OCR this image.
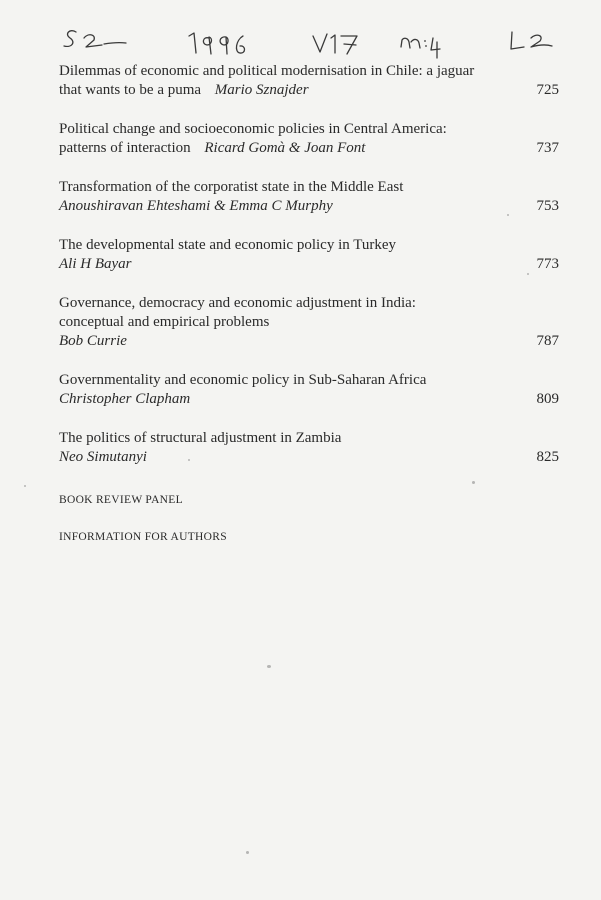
Dilemmas of economic and political modernisation in Chile: a jaguar
that wants to be a puma Mario Sznajder	725
Political change and socioeconomic policies in Central America:
patterns of interaction Ricard Gomà & Joan Font	737
Transformation of the corporatist state in the Middle East
Anoushiravan Ehteshami & Emma C Murphy	753
The developmental state and economic policy in Turkey
Ali H Bayar	773
Governance, democracy and economic adjustment in India:
conceptual and empirical problems
Bob Currie	787
Governmentality and economic policy in Sub-Saharan Africa
Christopher Clapham	809
The politics of structural adjustment in Zambia
Neo Simutanyi	825
BOOK REVIEW PANEL
INFORMATION FOR AUTHORS
